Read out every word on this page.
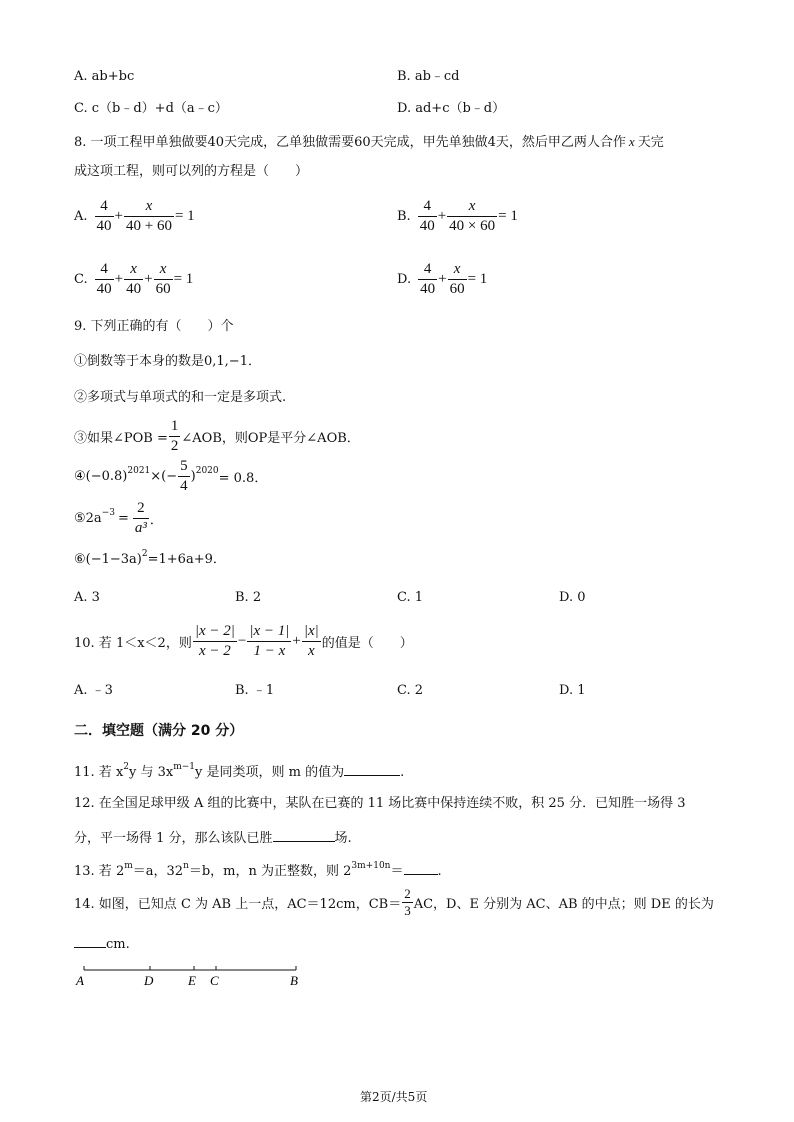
A. ab+bc	B. ab﹣cd
C. c（b﹣d）+d（a﹣c）	D. ad+c（b﹣d）
8. 一项工程甲单独做要40天完成，乙单独做需要60天完成，甲先单独做4天，然后甲乙两人合作 x 天完
成这项工程，则可以列的方程是（　　）
A. $\frac{4}{40} + \frac{x}{40 + 60} = 1$	B. $\frac{4}{40} + \frac{x}{40 \times 60} = 1$
C. $\frac{4}{40} + \frac{x}{40} + \frac{x}{60} = 1$	D. $\frac{4}{40} + \frac{x}{60} = 1$
9. 下列正确的有（　　）个
①倒数等于本身的数是0,1,−1．
②多项式与单项式的和一定是多项式.
③如果∠POB = $\frac{1}{2}$ ∠AOB，则OP是平分∠AOB．
$④(-0.8)^{2021}\times(- \frac{5}{4} )^{2020}= 0.8$．
$⑤2a^{-3} = \frac{2}{\text{a³}}$ ．
$⑥(-1-3a)^2=1+6a+9$．
A. 3	B. 2	C. 1	D. 0
10. 若 1＜x＜2，则 $\frac{|x - 2|}{x - 2} - \frac{|x - 1|}{1 - x} + \frac{|x|}{x}$ 的值是（　　）
A. ﹣3	B. ﹣1	C. 2	D. 1
二．填空题（满分 20 分）
11. 若 $x^2y$ 与 $3x^{m-1}y$ 是同类项，则 m 的值为	.
12. 在全国足球甲级 A 组的比赛中，某队在已赛的 11 场比赛中保持连续不败，积 25 分．已知胜一场得 3
分，平一场得 1 分，那么该队已胜	场.
13. 若 $2^m=a$，$32^n=b$，m，n 为正整数，则 $2^{3m+10n}=$	.
14. 如图，已知点 C 为 AB 上一点，AC＝12cm，$CB= \frac{2}{3}$ AC，D、E 分别为 AC、AB 的中点；则 DE 的长为
cm.
A	D	E C	B
第2页/共5页
